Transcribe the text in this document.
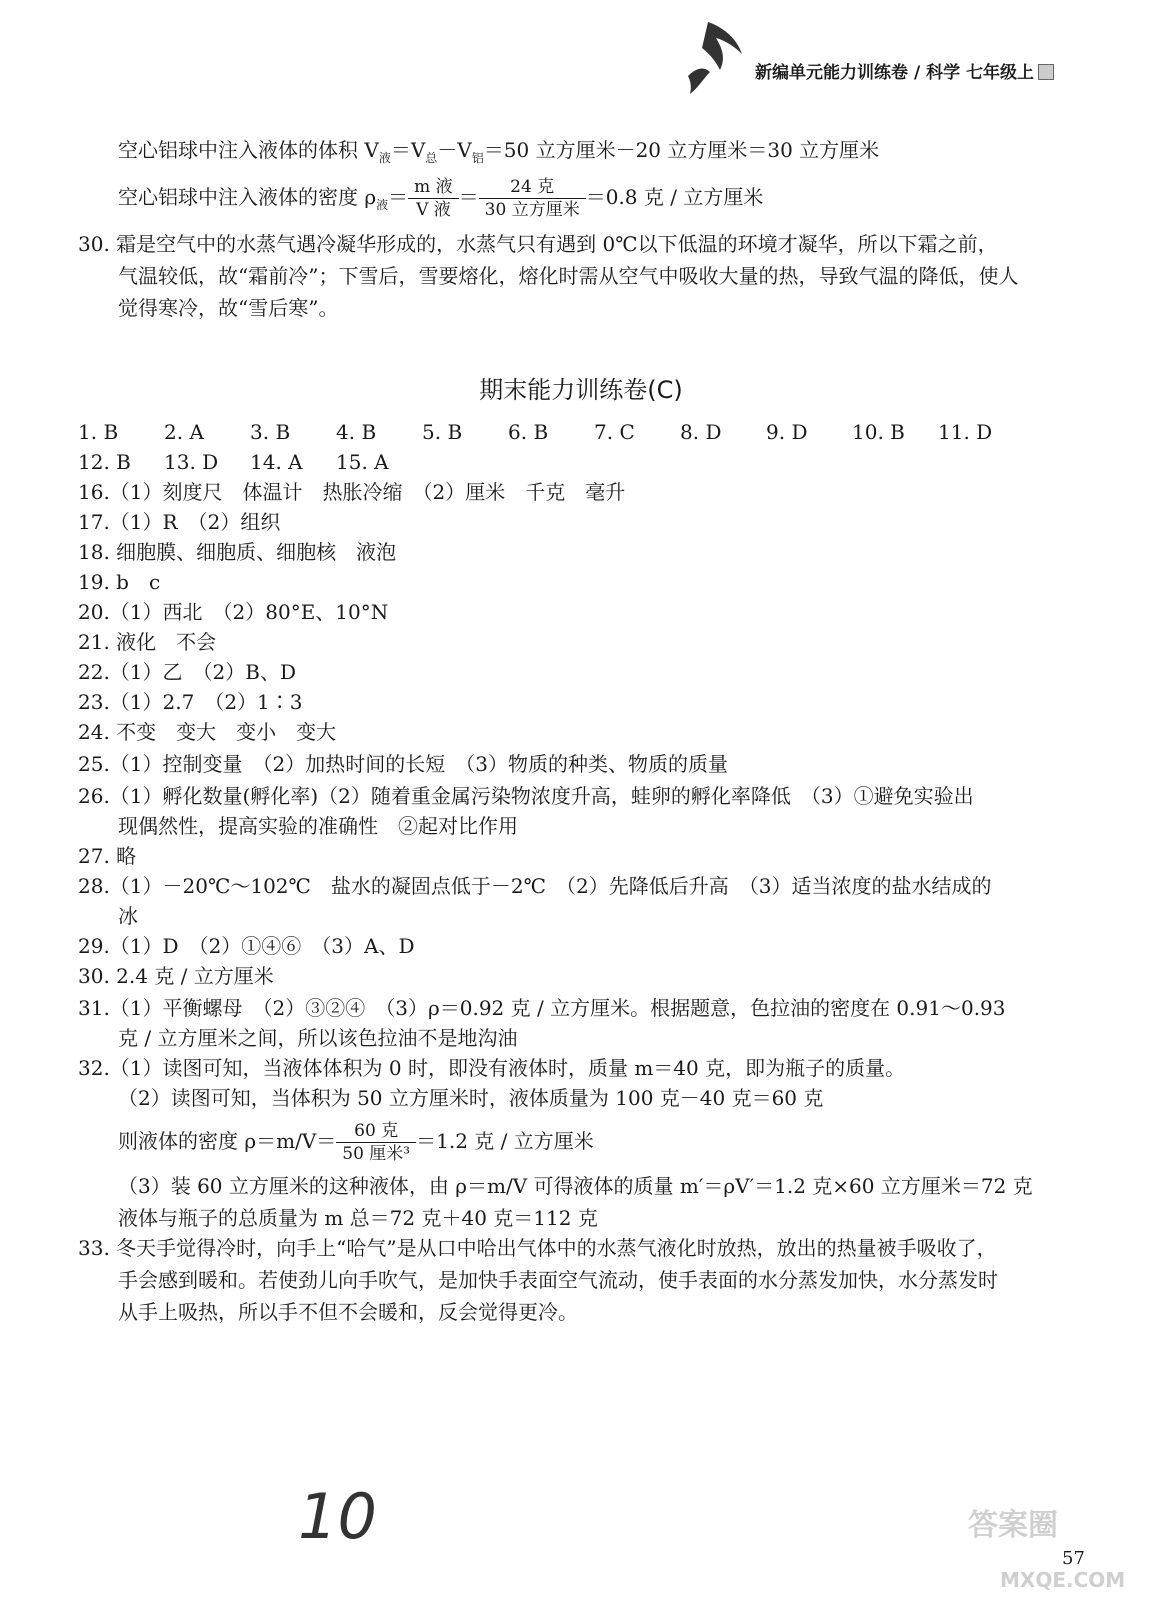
新编单元能力训练卷 / 科学 七年级上
空心铝球中注入液体的体积 $V_液=V_总-V_铝=50$ 立方厘米－20 立方厘米＝30 立方厘米
空心铝球中注入液体的密度 $\rho_液= \frac{\text{m 液}}{\text{V 液}} = \frac{\text{24 克}}{\text{30 立方厘米}} =0.8$ 克 / 立方厘米
30. 霜是空气中的水蒸气遇冷凝华形成的，水蒸气只有遇到 0℃以下低温的环境才凝华，所以下霜之前，
气温较低，故“霜前冷”；下雪后，雪要熔化，熔化时需从空气中吸收大量的热，导致气温的降低，使人
觉得寒冷，故“雪后寒”。
期末能力训练卷(C)
1. B 2. A 3. B 4. B 5. B 6. B 7. C 8. D 9. D 10. B 11. D
12. B 13. D 14. A 15. A
16.（1）刻度尺　体温计　热胀冷缩　（2）厘米　千克　毫升
17.（1）R　（2）组织
18. 细胞膜、细胞质、细胞核　液泡
19. b　c
20.（1）西北　（2）80°E、10°N
21. 液化　不会
22.（1）乙　（2）B、D
23.（1）2.7　（2）1∶3
24. 不变　变大　变小　变大
25.（1）控制变量　（2）加热时间的长短　（3）物质的种类、物质的质量
26.（1）孵化数量(孵化率)（2）随着重金属污染物浓度升高，蛙卵的孵化率降低　（3）①避免实验出
现偶然性，提高实验的准确性　②起对比作用
27. 略
28.（1）－20℃～102℃　盐水的凝固点低于－2℃　（2）先降低后升高　（3）适当浓度的盐水结成的
冰
29.（1）D　（2）①④⑥　（3）A、D
30. 2.4 克 / 立方厘米
31.（1）平衡螺母　（2）③②④　（3）ρ＝0.92 克 / 立方厘米。根据题意，色拉油的密度在 0.91～0.93
克 / 立方厘米之间，所以该色拉油不是地沟油
32.（1）读图可知，当液体体积为 0 时，即没有液体时，质量 m＝40 克，即为瓶子的质量。
（2）读图可知，当体积为 50 立方厘米时，液体质量为 100 克－40 克＝60 克
则液体的密度 $\rho=m/V= \frac{\text{60 克}}{\text{50 厘米³}} =1.2$ 克 / 立方厘米
（3）装 60 立方厘米的这种液体，由 ρ＝m/V 可得液体的质量 m′＝ρV′＝1.2 克×60 立方厘米＝72 克
液体与瓶子的总质量为 m 总＝72 克＋40 克＝112 克
33. 冬天手觉得冷时，向手上“哈气”是从口中哈出气体中的水蒸气液化时放热，放出的热量被手吸收了，
手会感到暖和。若使劲儿向手吹气，是加快手表面空气流动，使手表面的水分蒸发加快，水分蒸发时
从手上吸热，所以手不但不会暖和，反会觉得更冷。
10	答案圈
MXQE.COM
57
